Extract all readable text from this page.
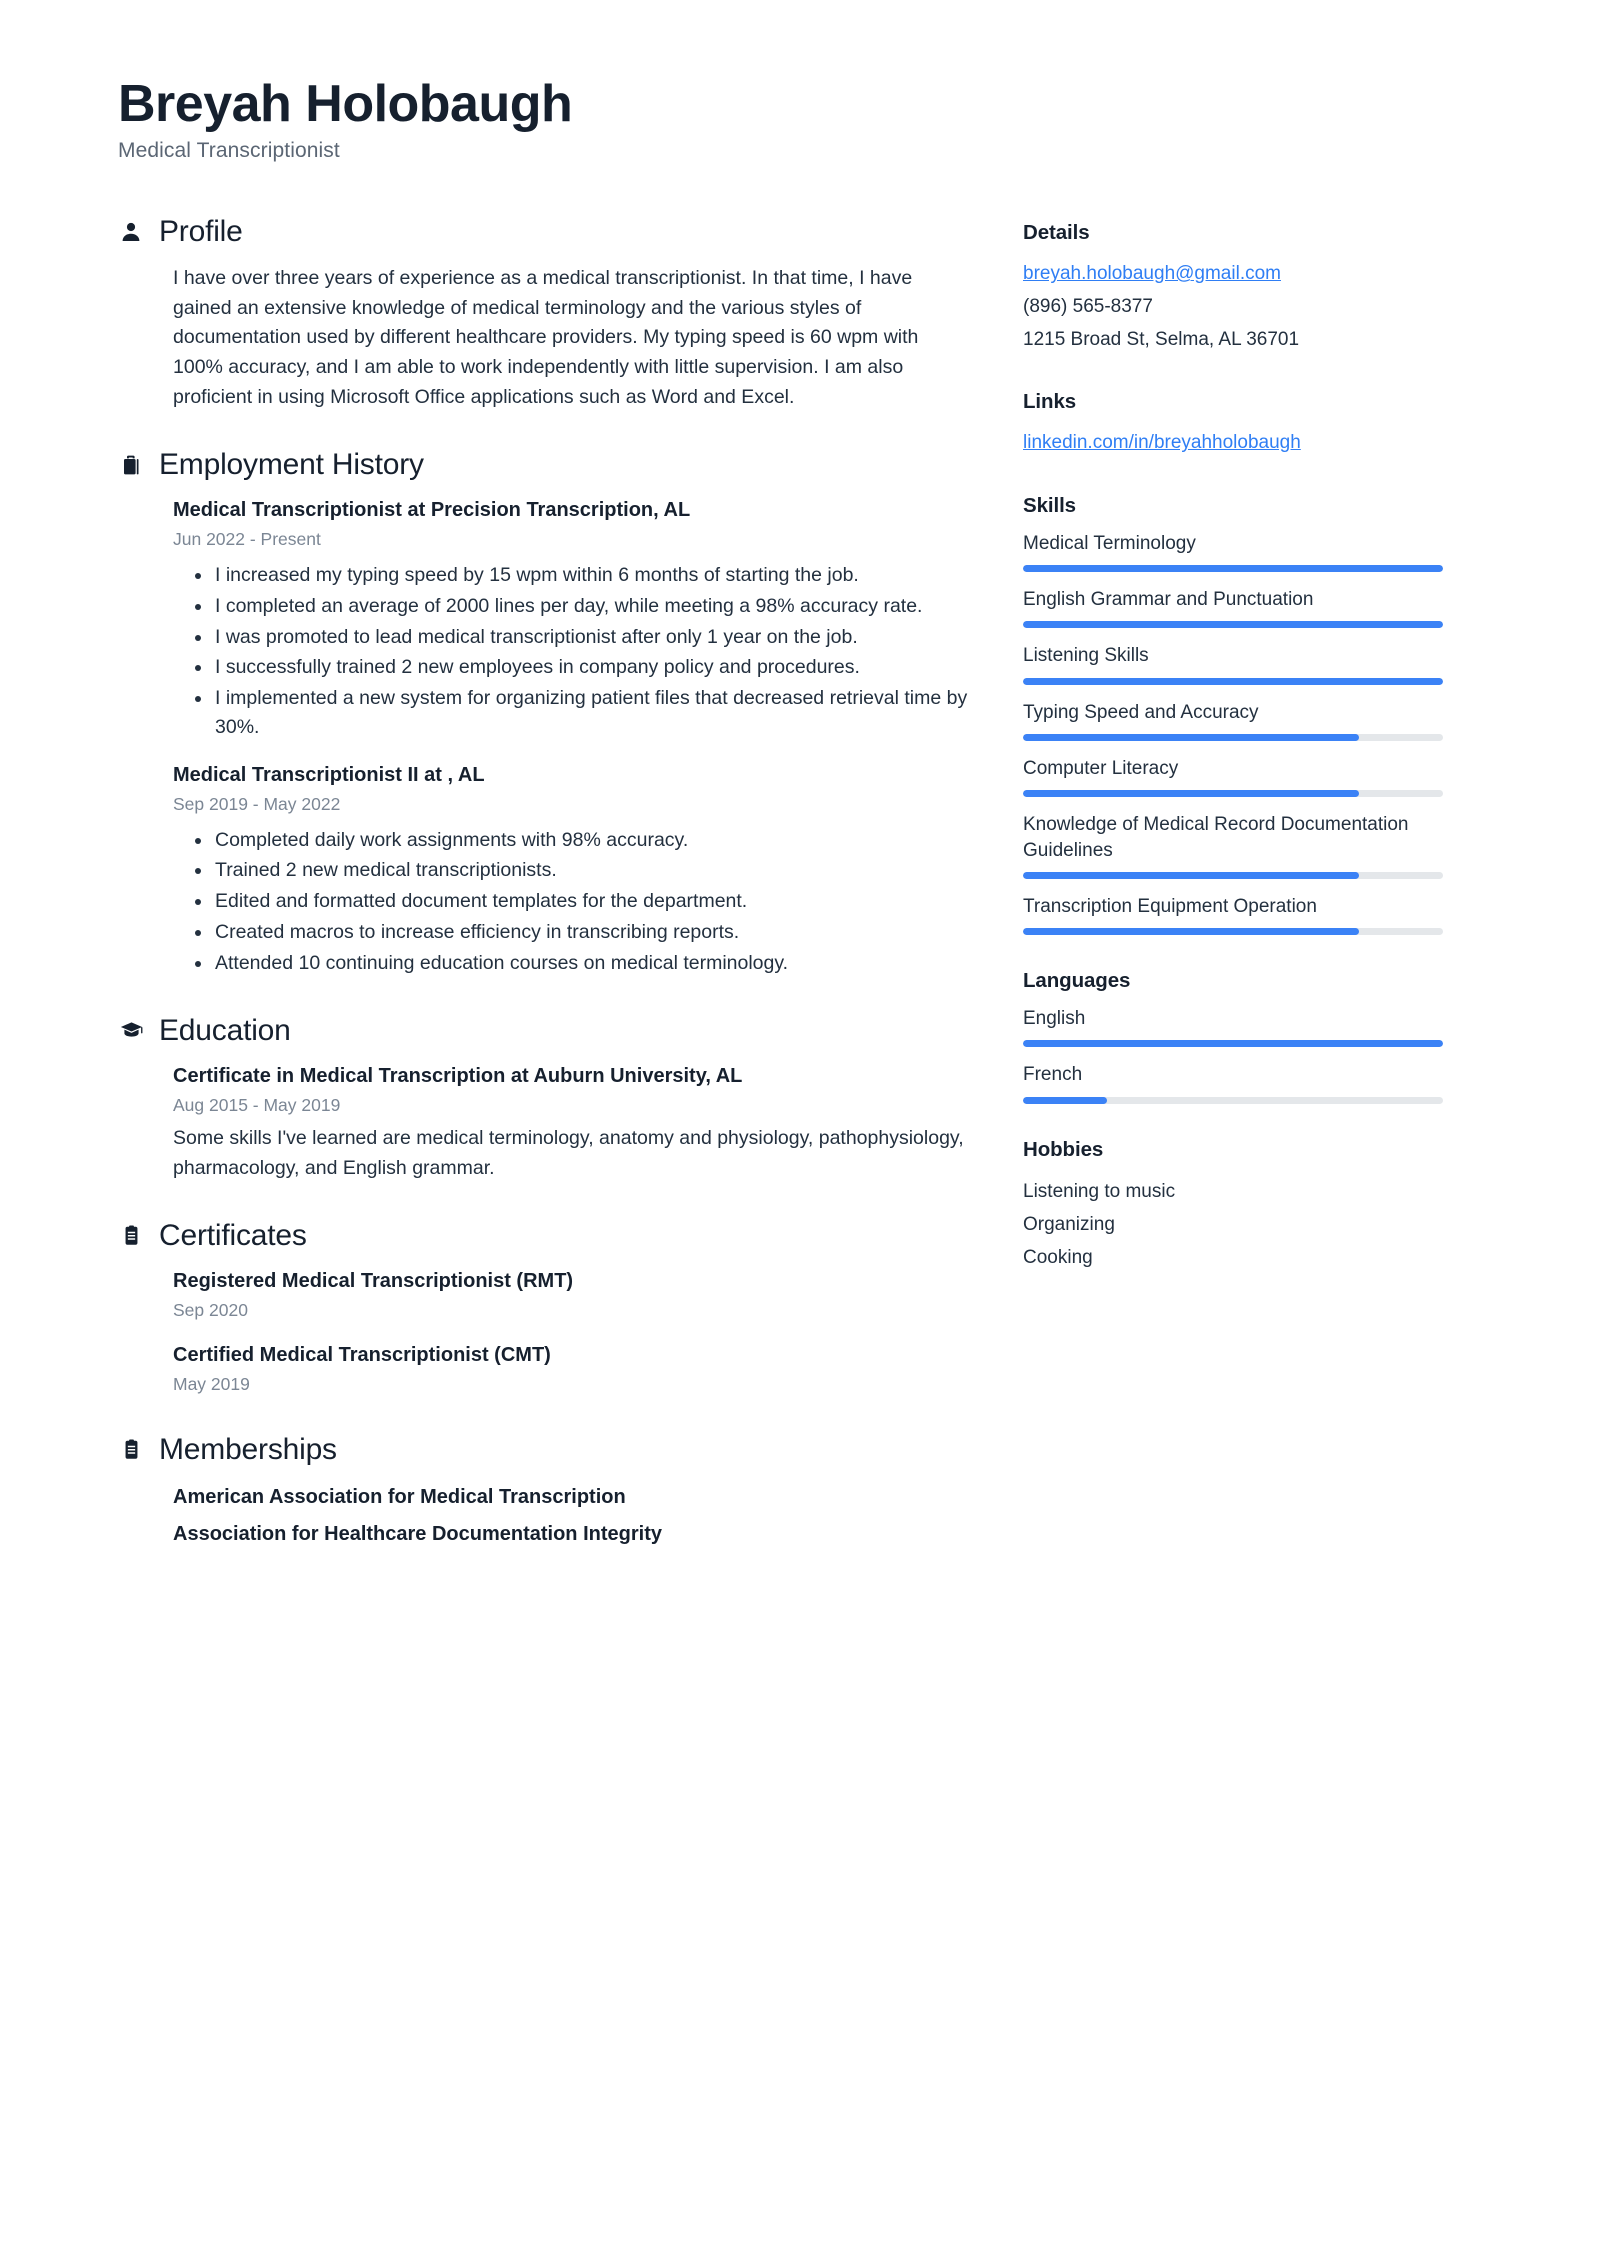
Breyah Holobaugh
Medical Transcriptionist
Profile

I have over three years of experience as a medical transcriptionist. In that time, I have gained an extensive knowledge of medical terminology and the various styles of documentation used by different healthcare providers. My typing speed is 60 wpm with 100% accuracy, and I am able to work independently with little supervision. I am also proficient in using Microsoft Office applications such as Word and Excel.

Employment History
Medical Transcriptionist at Precision Transcription, AL
Jun 2022 - Present
I increased my typing speed by 15 wpm within 6 months of starting the job.
I completed an average of 2000 lines per day, while meeting a 98% accuracy rate.
I was promoted to lead medical transcriptionist after only 1 year on the job.
I successfully trained 2 new employees in company policy and procedures.
I implemented a new system for organizing patient files that decreased retrieval time by 30%.
Medical Transcriptionist II at , AL
Sep 2019 - May 2022
Completed daily work assignments with 98% accuracy.
Trained 2 new medical transcriptionists.
Edited and formatted document templates for the department.
Created macros to increase efficiency in transcribing reports.
Attended 10 continuing education courses on medical terminology.
Education
Certificate in Medical Transcription at Auburn University, AL
Aug 2015 - May 2019
Some skills I've learned are medical terminology, anatomy and physiology, pathophysiology, pharmacology, and English grammar.
Certificates
Registered Medical Transcriptionist (RMT)
Sep 2020
Certified Medical Transcriptionist (CMT)
May 2019
Memberships
American Association for Medical Transcription
Association for Healthcare Documentation Integrity
Details
breyah.holobaugh@gmail.com
(896) 565-8377
1215 Broad St, Selma, AL 36701
Links
linkedin.com/in/breyahholobaugh
Skills
Medical Terminology
English Grammar and Punctuation
Listening Skills
Typing Speed and Accuracy
Computer Literacy
Knowledge of Medical Record Documentation Guidelines
Transcription Equipment Operation
Languages
English
French
Hobbies
Listening to music
Organizing
Cooking
